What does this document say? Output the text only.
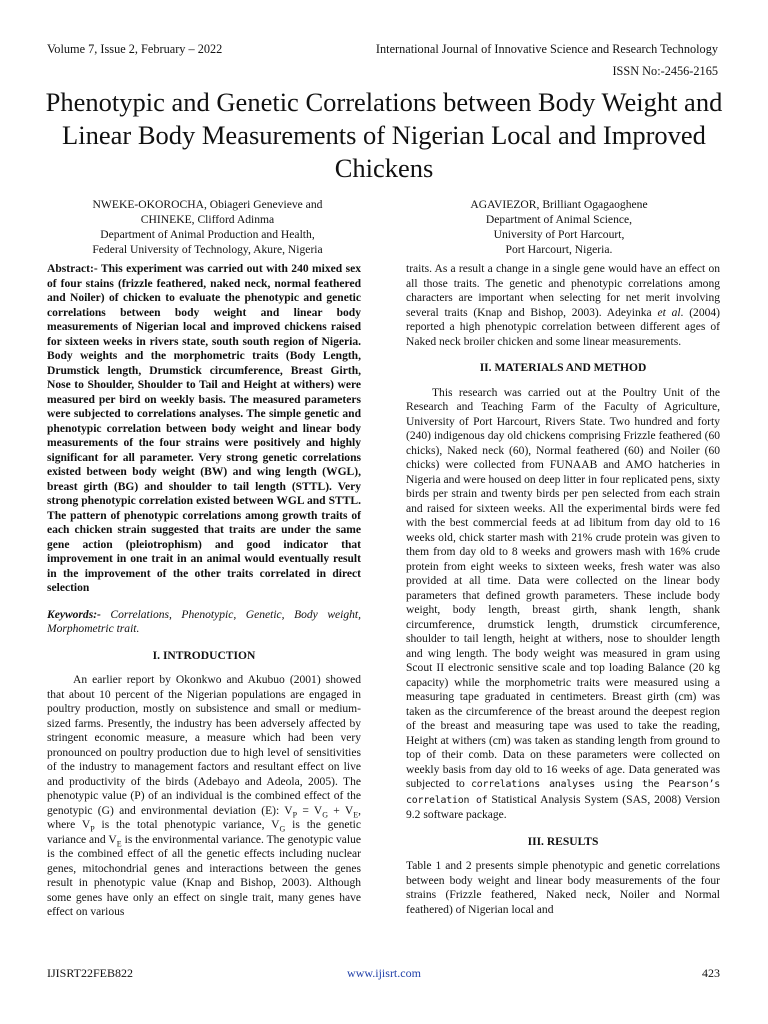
Volume 7, Issue 2, February – 2022	International Journal of Innovative Science and Research Technology
ISSN No:-2456-2165
Phenotypic and Genetic Correlations between Body Weight and Linear Body Measurements of Nigerian Local and Improved Chickens
NWEKE-OKOROCHA, Obiageri Genevieve and
CHINEKE, Clifford Adinma
Department of Animal Production and Health,
Federal University of Technology, Akure, Nigeria
AGAVIEZOR, Brilliant Ogagaoghene
Department of Animal Science,
University of Port Harcourt,
Port Harcourt, Nigeria.

Abstract:- This experiment was carried out with 240 mixed sex of four stains (frizzle feathered, naked neck, normal feathered and Noiler) of chicken to evaluate the phenotypic and genetic correlations between body weight and linear body measurements of Nigerian local and improved chickens raised for sixteen weeks in rivers state, south south region of Nigeria. Body weights and the morphometric traits (Body Length, Drumstick length, Drumstick circumference, Breast Girth, Nose to Shoulder, Shoulder to Tail and Height at withers) were measured per bird on weekly basis. The measured parameters were subjected to correlations analyses. The simple genetic and phenotypic correlation between body weight and linear body measurements of the four strains were positively and highly significant for all parameter. Very strong genetic correlations existed between body weight (BW) and wing length (WGL), breast girth (BG) and shoulder to tail length (STTL). Very strong phenotypic correlation existed between WGL and STTL. The pattern of phenotypic correlations among growth traits of each chicken strain suggested that traits are under the same gene action (pleiotrophism) and good indicator that improvement in one trait in an animal would eventually result in the improvement of the other traits correlated in direct selection

Keywords:- Correlations, Phenotypic, Genetic, Body weight, Morphometric trait.

I. INTRODUCTION

An earlier report by Okonkwo and Akubuo (2001) showed that about 10 percent of the Nigerian populations are engaged in poultry production, mostly on subsistence and small or medium-sized farms. Presently, the industry has been adversely affected by stringent economic measure, a measure which had been very pronounced on poultry production due to high level of sensitivities of the industry to management factors and resultant effect on live and productivity of the birds (Adebayo and Adeola, 2005). The phenotypic value (P) of an individual is the combined effect of the genotypic (G) and environmental deviation (E): $V_P = V_G + V_E$, where $V_P$ is the total phenotypic variance, $V_G$ is the genetic variance and $V_E$ is the environmental variance. The genotypic value is the combined effect of all the genetic effects including nuclear genes, mitochondrial genes and interactions between the genes result in phenotypic value (Knap and Bishop, 2003). Although some genes have only an effect on single trait, many genes have effect on various

traits. As a result a change in a single gene would have an effect on all those traits. The genetic and phenotypic correlations among characters are important when selecting for net merit involving several traits (Knap and Bishop, 2003). Adeyinka et al. (2004) reported a high phenotypic correlation between different ages of Naked neck broiler chicken and some linear measurements.

II. MATERIALS AND METHOD

This research was carried out at the Poultry Unit of the Research and Teaching Farm of the Faculty of Agriculture, University of Port Harcourt, Rivers State. Two hundred and forty (240) indigenous day old chickens comprising Frizzle feathered (60 chicks), Naked neck (60), Normal feathered (60) and Noiler (60 chicks) were collected from FUNAAB and AMO hatcheries in Nigeria and were housed on deep litter in four replicated pens, sixty birds per strain and twenty birds per pen selected from each strain and raised for sixteen weeks. All the experimental birds were fed with the best commercial feeds at ad libitum from day old to 16 weeks old, chick starter mash with 21% crude protein was given to them from day old to 8 weeks and growers mash with 16% crude protein from eight weeks to sixteen weeks, fresh water was also provided at all time. Data were collected on the linear body parameters that defined growth parameters. These include body weight, body length, breast girth, shank length, shank circumference, drumstick length, drumstick circumference, shoulder to tail length, height at withers, nose to shoulder length and wing length. The body weight was measured in gram using Scout II electronic sensitive scale and top loading Balance (20 kg capacity) while the morphometric traits were measured using a measuring tape graduated in centimeters. Breast girth (cm) was taken as the circumference of the breast around the deepest region of the breast and measuring tape was used to take the reading, Height at withers (cm) was taken as standing length from ground to top of their comb. Data on these parameters were collected on weekly basis from day old to 16 weeks of age. Data generated was subjected to correlations analyses using the Pearson’s correlation of Statistical Analysis System (SAS, 2008) Version 9.2 software package.

III. RESULTS

Table 1 and 2 presents simple phenotypic and genetic correlations between body weight and linear body measurements of the four strains (Frizzle feathered, Naked neck, Noiler and Normal feathered) of Nigerian local and

IJISRT22FEB822	www.ijisrt.com	423
